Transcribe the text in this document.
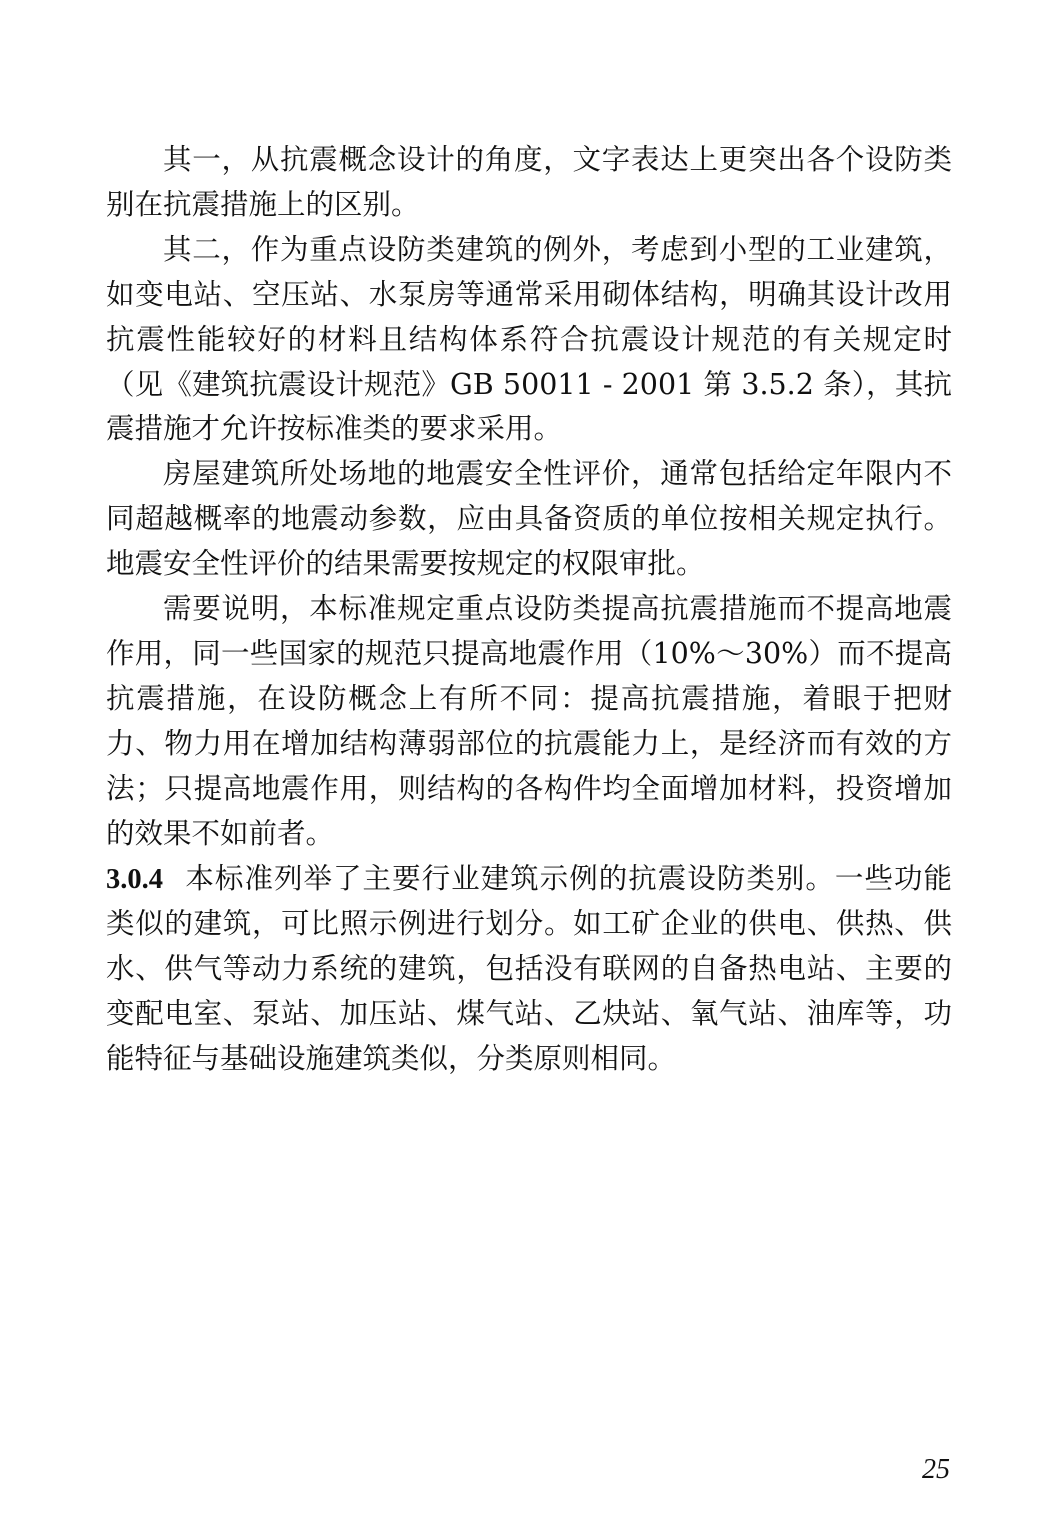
其一，从抗震概念设计的角度，文字表达上更突出各个设防类别在抗震措施上的区别。

其二，作为重点设防类建筑的例外，考虑到小型的工业建筑，如变电站、空压站、水泵房等通常采用砌体结构，明确其设计改用抗震性能较好的材料且结构体系符合抗震设计规范的有关规定时（见《建筑抗震设计规范》GB 50011 - 2001 第 3.5.2 条），其抗震措施才允许按标准类的要求采用。

房屋建筑所处场地的地震安全性评价，通常包括给定年限内不同超越概率的地震动参数，应由具备资质的单位按相关规定执行。地震安全性评价的结果需要按规定的权限审批。

需要说明，本标准规定重点设防类提高抗震措施而不提高地震作用，同一些国家的规范只提高地震作用（10%～30%）而不提高抗震措施，在设防概念上有所不同：提高抗震措施，着眼于把财力、物力用在增加结构薄弱部位的抗震能力上，是经济而有效的方法；只提高地震作用，则结构的各构件均全面增加材料，投资增加的效果不如前者。

3.0.4 本标准列举了主要行业建筑示例的抗震设防类别。一些功能类似的建筑，可比照示例进行划分。如工矿企业的供电、供热、供水、供气等动力系统的建筑，包括没有联网的自备热电站、主要的变配电室、泵站、加压站、煤气站、乙炔站、氧气站、油库等，功能特征与基础设施建筑类似，分类原则相同。

25
